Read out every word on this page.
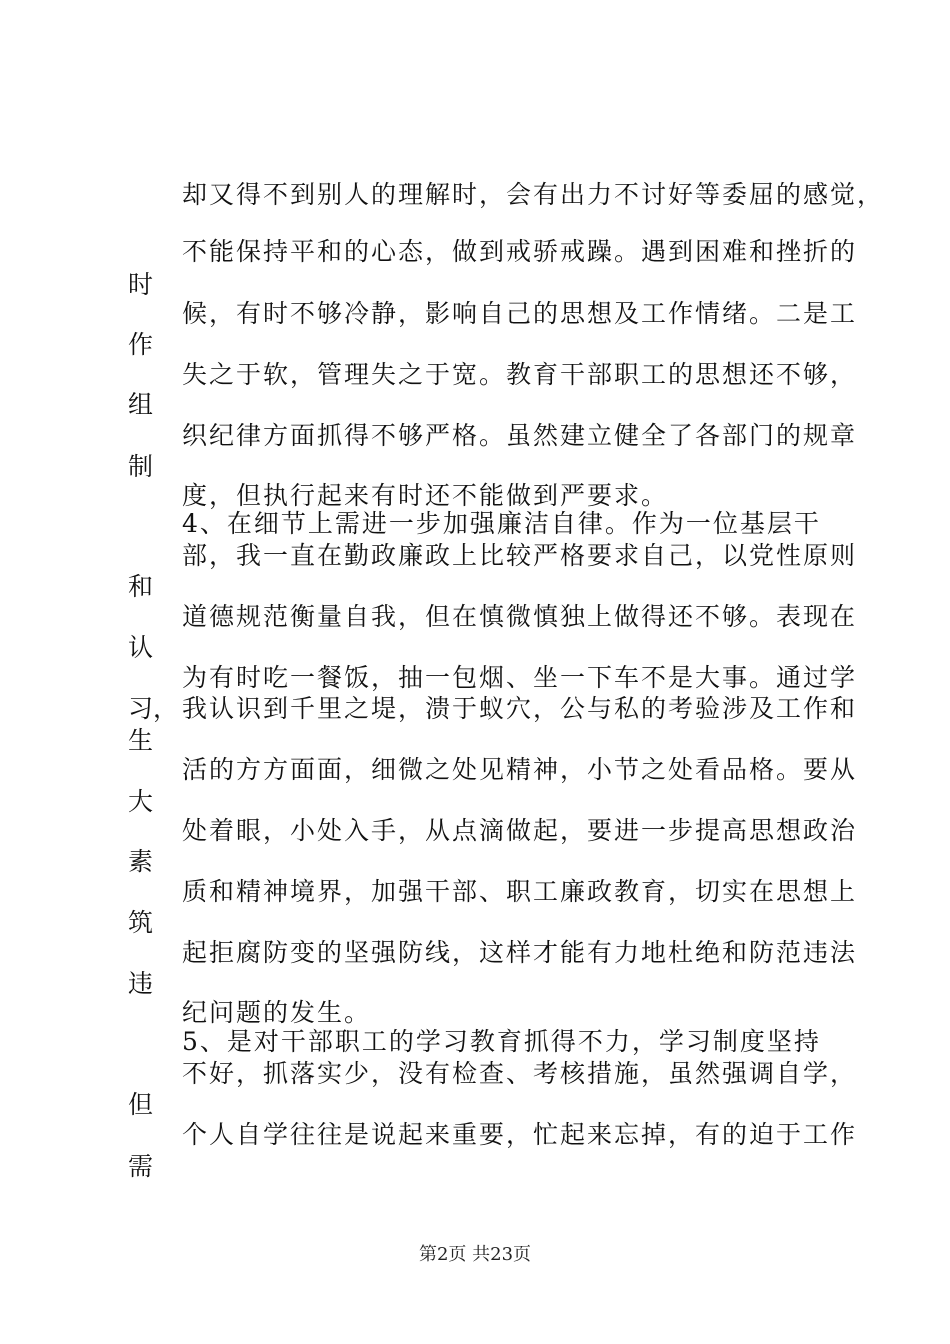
却又得不到别人的理解时，会有出力不讨好等委屈的感觉，
不能保持平和的心态，做到戒骄戒躁。遇到困难和挫折的
时
候，有时不够冷静，影响自己的思想及工作情绪。二是工
作
失之于软，管理失之于宽。教育干部职工的思想还不够，
组
织纪律方面抓得不够严格。虽然建立健全了各部门的规章
制
度，但执行起来有时还不能做到严要求。
4、在细节上需进一步加强廉洁自律。作为一位基层干
部，我一直在勤政廉政上比较严格要求自己，以党性原则
和
道德规范衡量自我，但在慎微慎独上做得还不够。表现在
认
为有时吃一餐饭，抽一包烟、坐一下车不是大事。通过学
习， 我认识到千里之堤，溃于蚁穴，公与私的考验涉及工作和
生
活的方方面面，细微之处见精神，小节之处看品格。要从
大
处着眼，小处入手，从点滴做起，要进一步提高思想政治
素
质和精神境界，加强干部、职工廉政教育，切实在思想上
筑
起拒腐防变的坚强防线，这样才能有力地杜绝和防范违法
违
纪问题的发生。
5、是对干部职工的学习教育抓得不力，学习制度坚持
不好，抓落实少，没有检查、考核措施，虽然强调自学，
但
个人自学往往是说起来重要，忙起来忘掉，有的迫于工作
需
第2页 共23页
